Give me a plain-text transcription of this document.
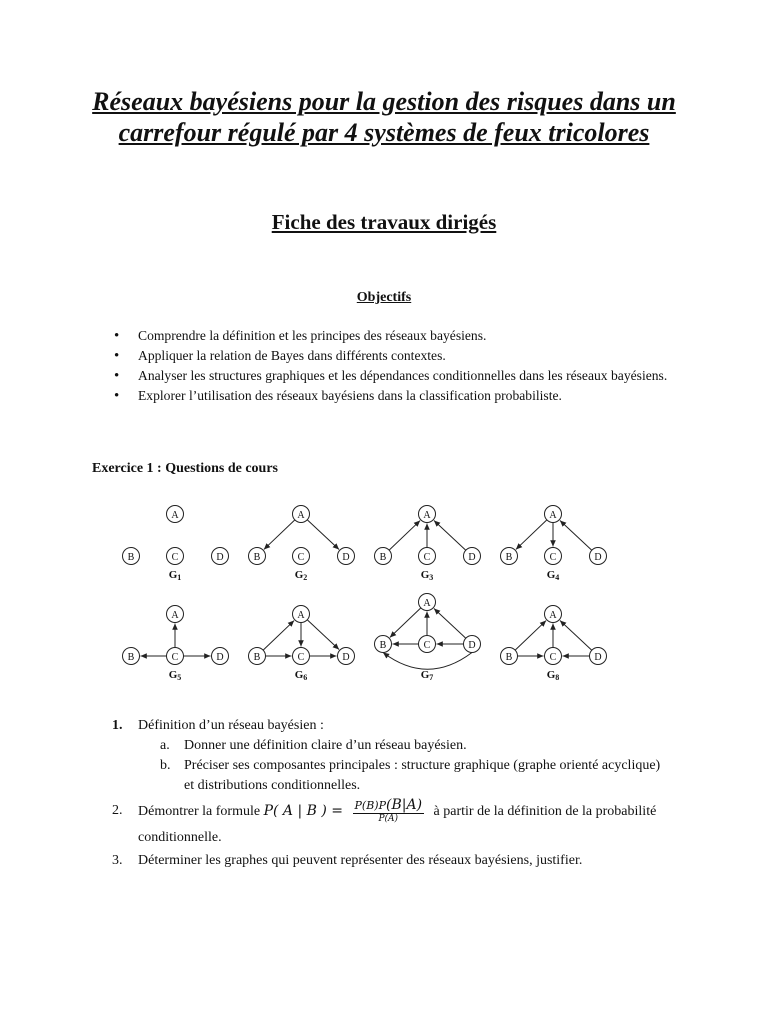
Réseaux bayésiens pour la gestion des risques dans un carrefour régulé par 4 systèmes de feux tricolores
Fiche des travaux dirigés
Objectifs
• Comprendre la définition et les principes des réseaux bayésiens.
• Appliquer la relation de Bayes dans différents contextes.
• Analyser les structures graphiques et les dépendances conditionnelles dans les réseaux bayésiens.
• Explorer l’utilisation des réseaux bayésiens dans la classification probabiliste.
Exercice 1 : Questions de cours
A
B	C	D
G1
A
B	C	D
G2
A
B	C	D
G3
A
B	C	D
G4
A
B	C	D
G5
A
B	C	D
G6
A
B	C	D
G7
A
B	C	D
G8
1. Définition d’un réseau bayésien :
a. Donner une définition claire d’un réseau bayésien.
b. Préciser ses composantes principales : structure graphique (graphe orienté acyclique) et distributions conditionnelles.
2. Démontrer la formule P( A | B ) = $\frac{P(B)P(B|A)}{P(A)}$ à partir de la définition de la probabilité conditionnelle.
3. Déterminer les graphes qui peuvent représenter des réseaux bayésiens, justifier.
